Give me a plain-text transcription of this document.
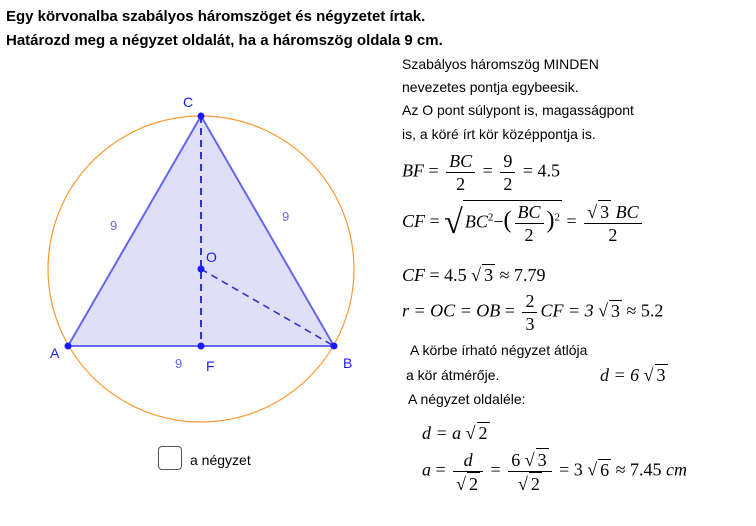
Egy körvonalba szabályos háromszöget és négyzetet írtak.
Határozd meg a négyzet oldalát, ha a háromszög oldala 9 cm.
A
B
C
O
F
9
9
9
Szabályos háromszög MINDEN
nevezetes pontja egybeesik.
Az O pont súlypont is, magasságpont
is, a köré írt kör középpontja is.
BF = $\frac{BC}{2} = \frac{9}{2} = 4.5$
CF = √ $BC^2-( \frac{BC}{2} )^2 = \frac{√ 3 BC}{2}$
CF = 4.5 √ 3 ≈ 7.79
r = OC = OB = $\frac{2}{3}$ CF = 3 √ 3 ≈ 5.2
A körbe írható négyzet átlója
a kör átmérője.	d = 6 √ 3
A négyzet oldaléle:
d = a √ 2
$a = \frac{d}{√ 2} = \frac{6 √ 3}{√ 2} = 3$ √ 6 ≈ 7.45 cm
a négyzet
